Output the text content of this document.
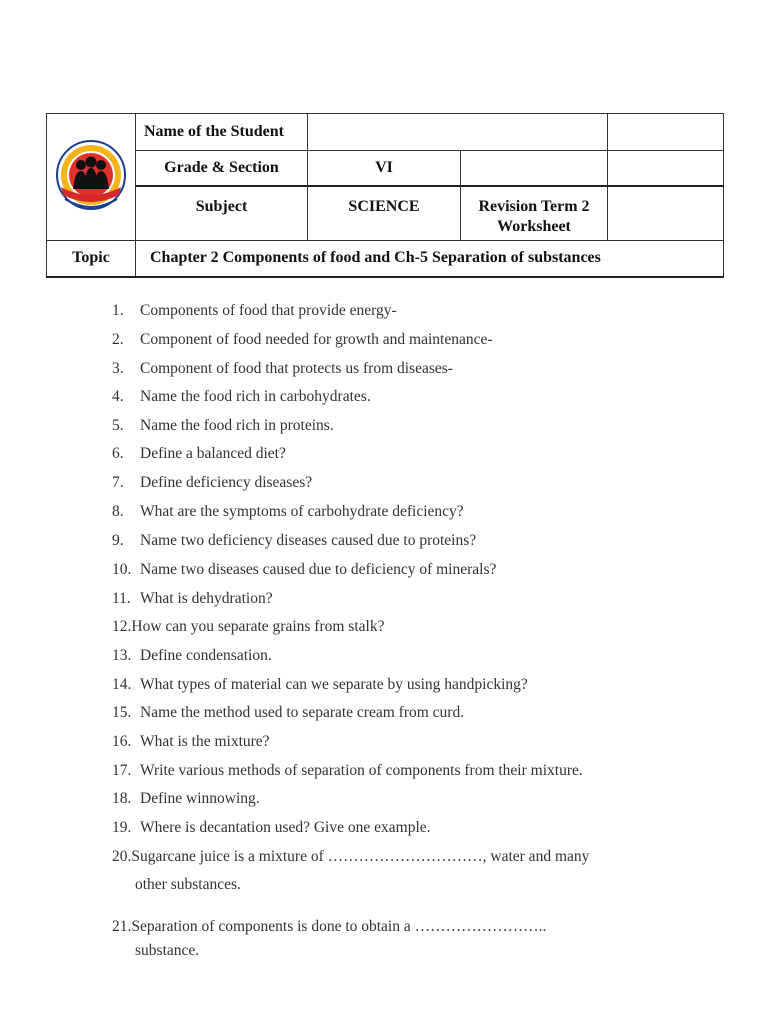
	Name of the Student			
	Grade & Section	VI		
	Subject	SCIENCE	Revision Term 2
Worksheet	
Topic	Chapter 2 Components of food and Ch-5 Separation of substances			
1. Components of food that provide energy-
2. Component of food needed for growth and maintenance-
3. Component of food that protects us from diseases-
4. Name the food rich in carbohydrates.
5. Name the food rich in proteins.
6. Define a balanced diet?
7. Define deficiency diseases?
8. What are the symptoms of carbohydrate deficiency?
9. Name two deficiency diseases caused due to proteins?
10. Name two diseases caused due to deficiency of minerals?
11. What is dehydration?
12.How can you separate grains from stalk?
13. Define condensation.
14. What types of material can we separate by using handpicking?
15. Name the method used to separate cream from curd.
16. What is the mixture?
17. Write various methods of separation of components from their mixture.
18. Define winnowing.
19. Where is decantation used? Give one example.
20.Sugarcane juice is a mixture of …………………………, water and many
other substances.
21.Separation of components is done to obtain a ……………………..
substance.
